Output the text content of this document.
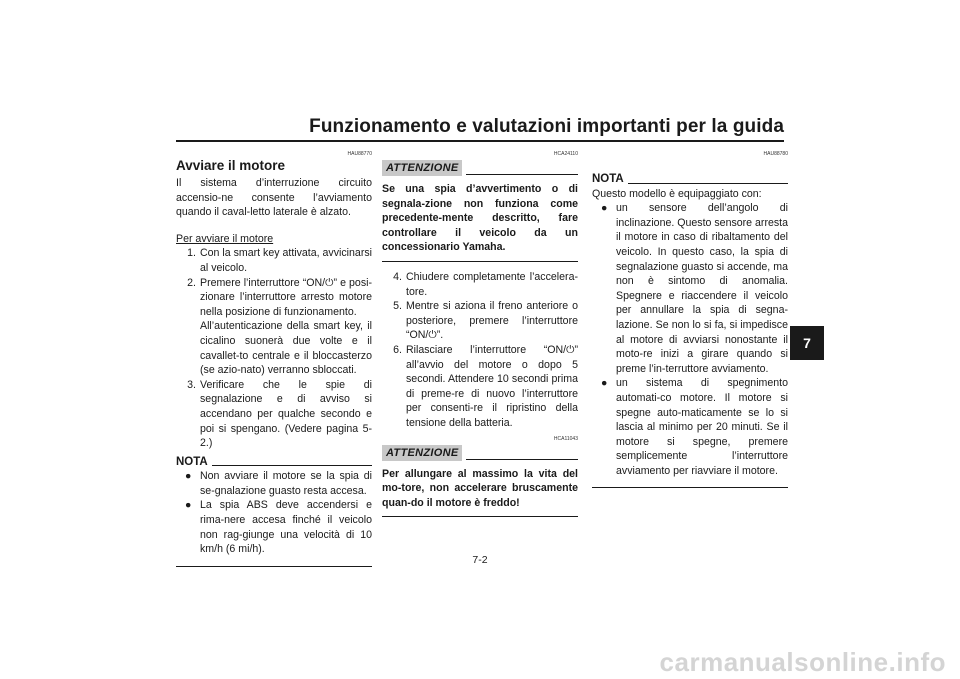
Funzionamento e valutazioni importanti per la guida
7
HAU88770
Avviare il motore

Il sistema d’interruzione circuito accensio-ne consente l’avviamento quando il caval-letto laterale è alzato.

Per avviare il motore
1. Con la smart key attivata, avvicinarsi al veicolo.
2. Premere l’interruttore “ON/⏻” e posi-zionare l’interruttore arresto motore nella posizione di funzionamento.
All’autenticazione della smart key, il cicalino suonerà due volte e il cavallet-to centrale e il bloccasterzo (se azio-nato) verranno sbloccati.
3. Verificare che le spie di segnalazione e di avviso si accendano per qualche secondo e poi si spengano. (Vedere pagina 5-2.)
NOTA
● Non avviare il motore se la spia di se-gnalazione guasto resta accesa.
● La spia ABS deve accendersi e rima-nere accesa finché il veicolo non rag-giunge una velocità di 10 km/h (6 mi/h).
HCA24110
ATTENZIONE

Se una spia d’avvertimento o di segnala-zione non funziona come precedente-mente descritto, fare controllare il veicolo da un concessionario Yamaha.

4. Chiudere completamente l’accelera-tore.
5. Mentre si aziona il freno anteriore o posteriore, premere l’interruttore “ON/⏻”.
6. Rilasciare l’interruttore “ON/⏻” all’avvio del motore o dopo 5 secondi. Attendere 10 secondi prima di preme-re di nuovo l’interruttore per consenti-re il ripristino della tensione della batteria.
HCA11043
ATTENZIONE

Per allungare al massimo la vita del mo-tore, non accelerare bruscamente quan-do il motore è freddo!

HAU88780
NOTA

Questo modello è equipaggiato con:

● un sensore dell’angolo di inclinazione. Questo sensore arresta il motore in caso di ribaltamento del veicolo. In questo caso, la spia di segnalazione guasto si accende, ma non è sintomo di anomalia. Spegnere e riaccendere il veicolo per annullare la spia di segna-lazione. Se non lo si fa, si impedisce al motore di avviarsi nonostante il moto-re inizi a girare quando si preme l’in-terruttore avviamento.
● un sistema di spegnimento automati-co motore. Il motore si spegne auto-maticamente se lo si lascia al minimo per 20 minuti. Se il motore si spegne, premere semplicemente l’interruttore avviamento per riavviare il motore.
7-2
carmanualsonline.info
